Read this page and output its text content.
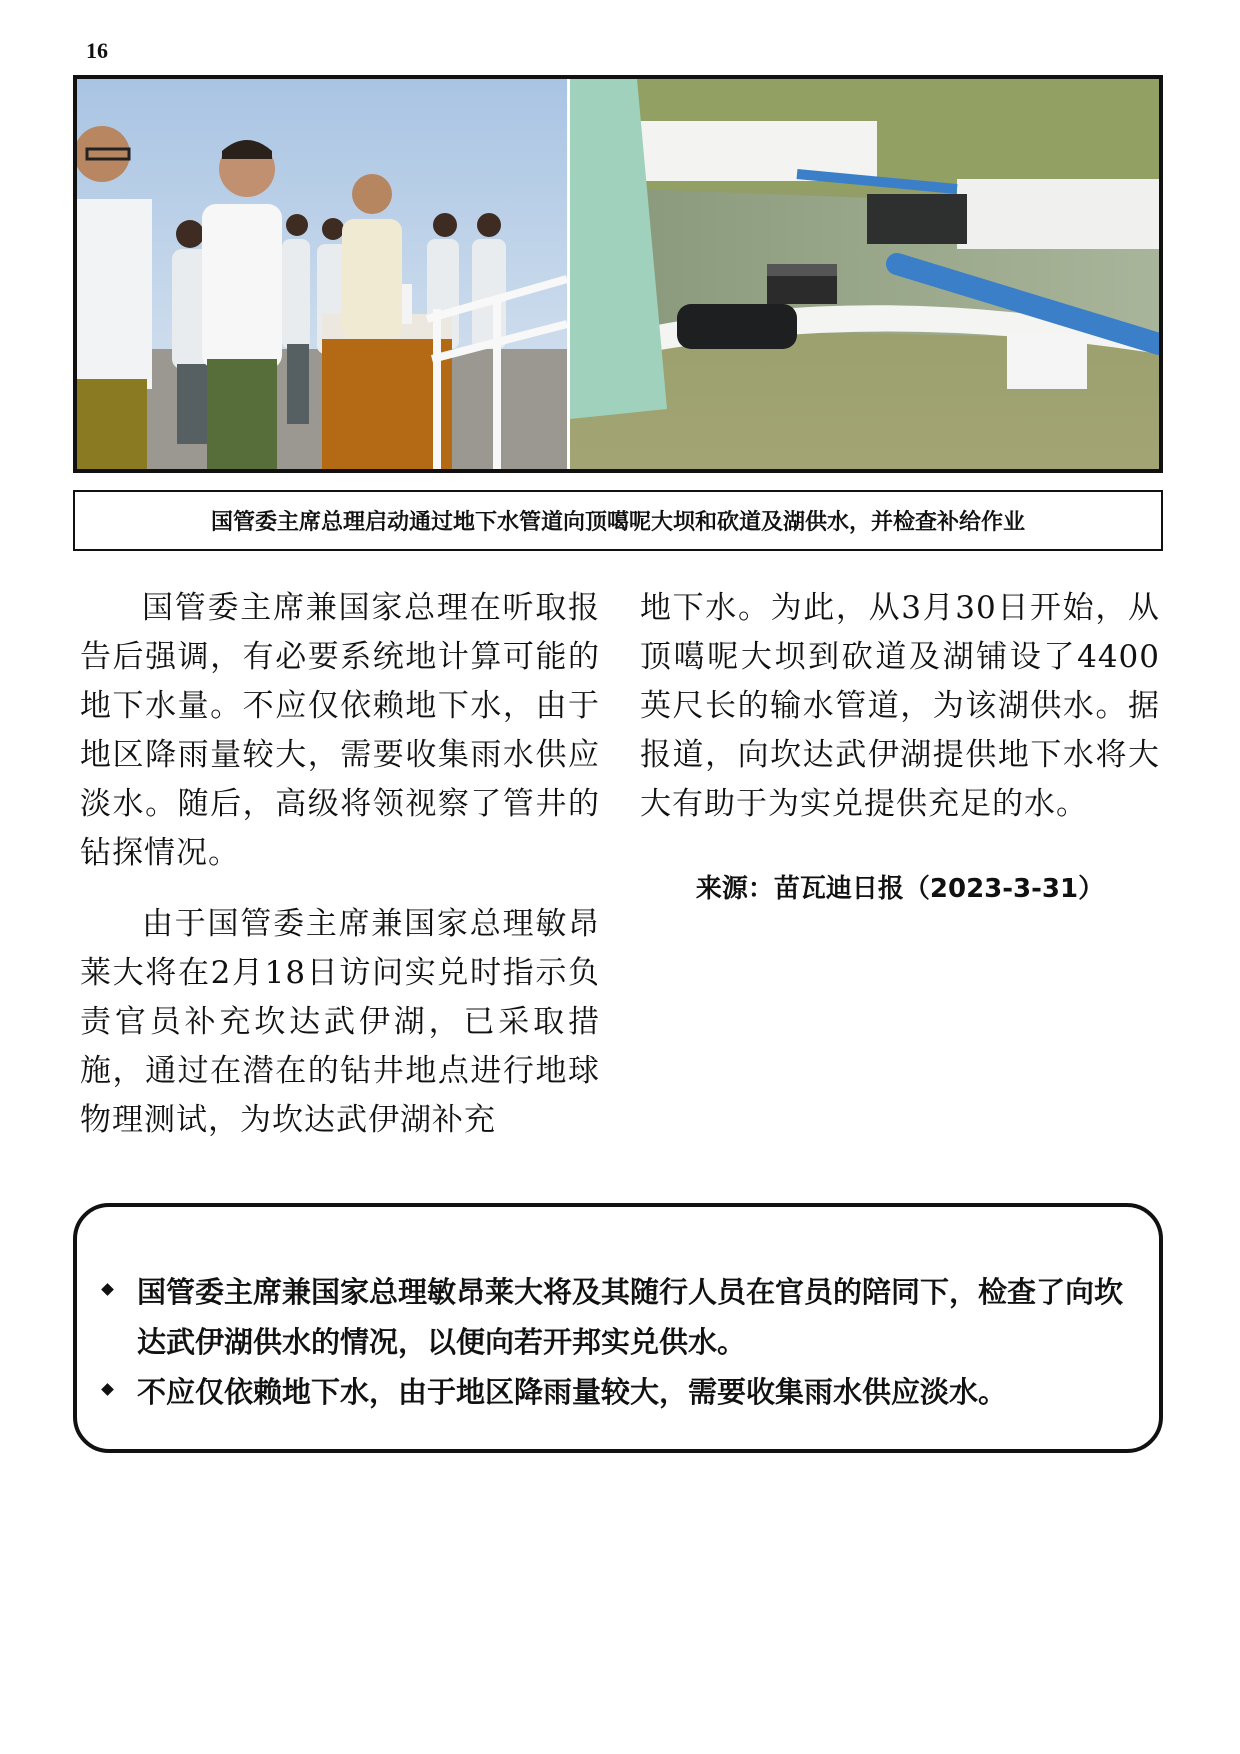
16
国管委主席总理启动通过地下水管道向顶噶呢大坝和砍道及湖供水，并检查补给作业

国管委主席兼国家总理在听取报告后强调，有必要系统地计算可能的地下水量。不应仅依赖地下水，由于地区降雨量较大，需要收集雨水供应淡水。随后，高级将领视察了管井的钻探情况。

由于国管委主席兼国家总理敏昂莱大将在2月18日访问实兑时指示负责官员补充坎达武伊湖，已采取措施，通过在潜在的钻井地点进行地球物理测试，为坎达武伊湖补充

地下水。为此，从3月30日开始，从顶噶呢大坝到砍道及湖铺设了4400英尺长的输水管道，为该湖供水。据报道，向坎达武伊湖提供地下水将大大有助于为实兑提供充足的水。

来源：苗瓦迪日报（2023-3-31）
国管委主席兼国家总理敏昂莱大将及其随行人员在官员的陪同下，检查了向坎达武伊湖供水的情况，以便向若开邦实兑供水。
不应仅依赖地下水，由于地区降雨量较大，需要收集雨水供应淡水。
